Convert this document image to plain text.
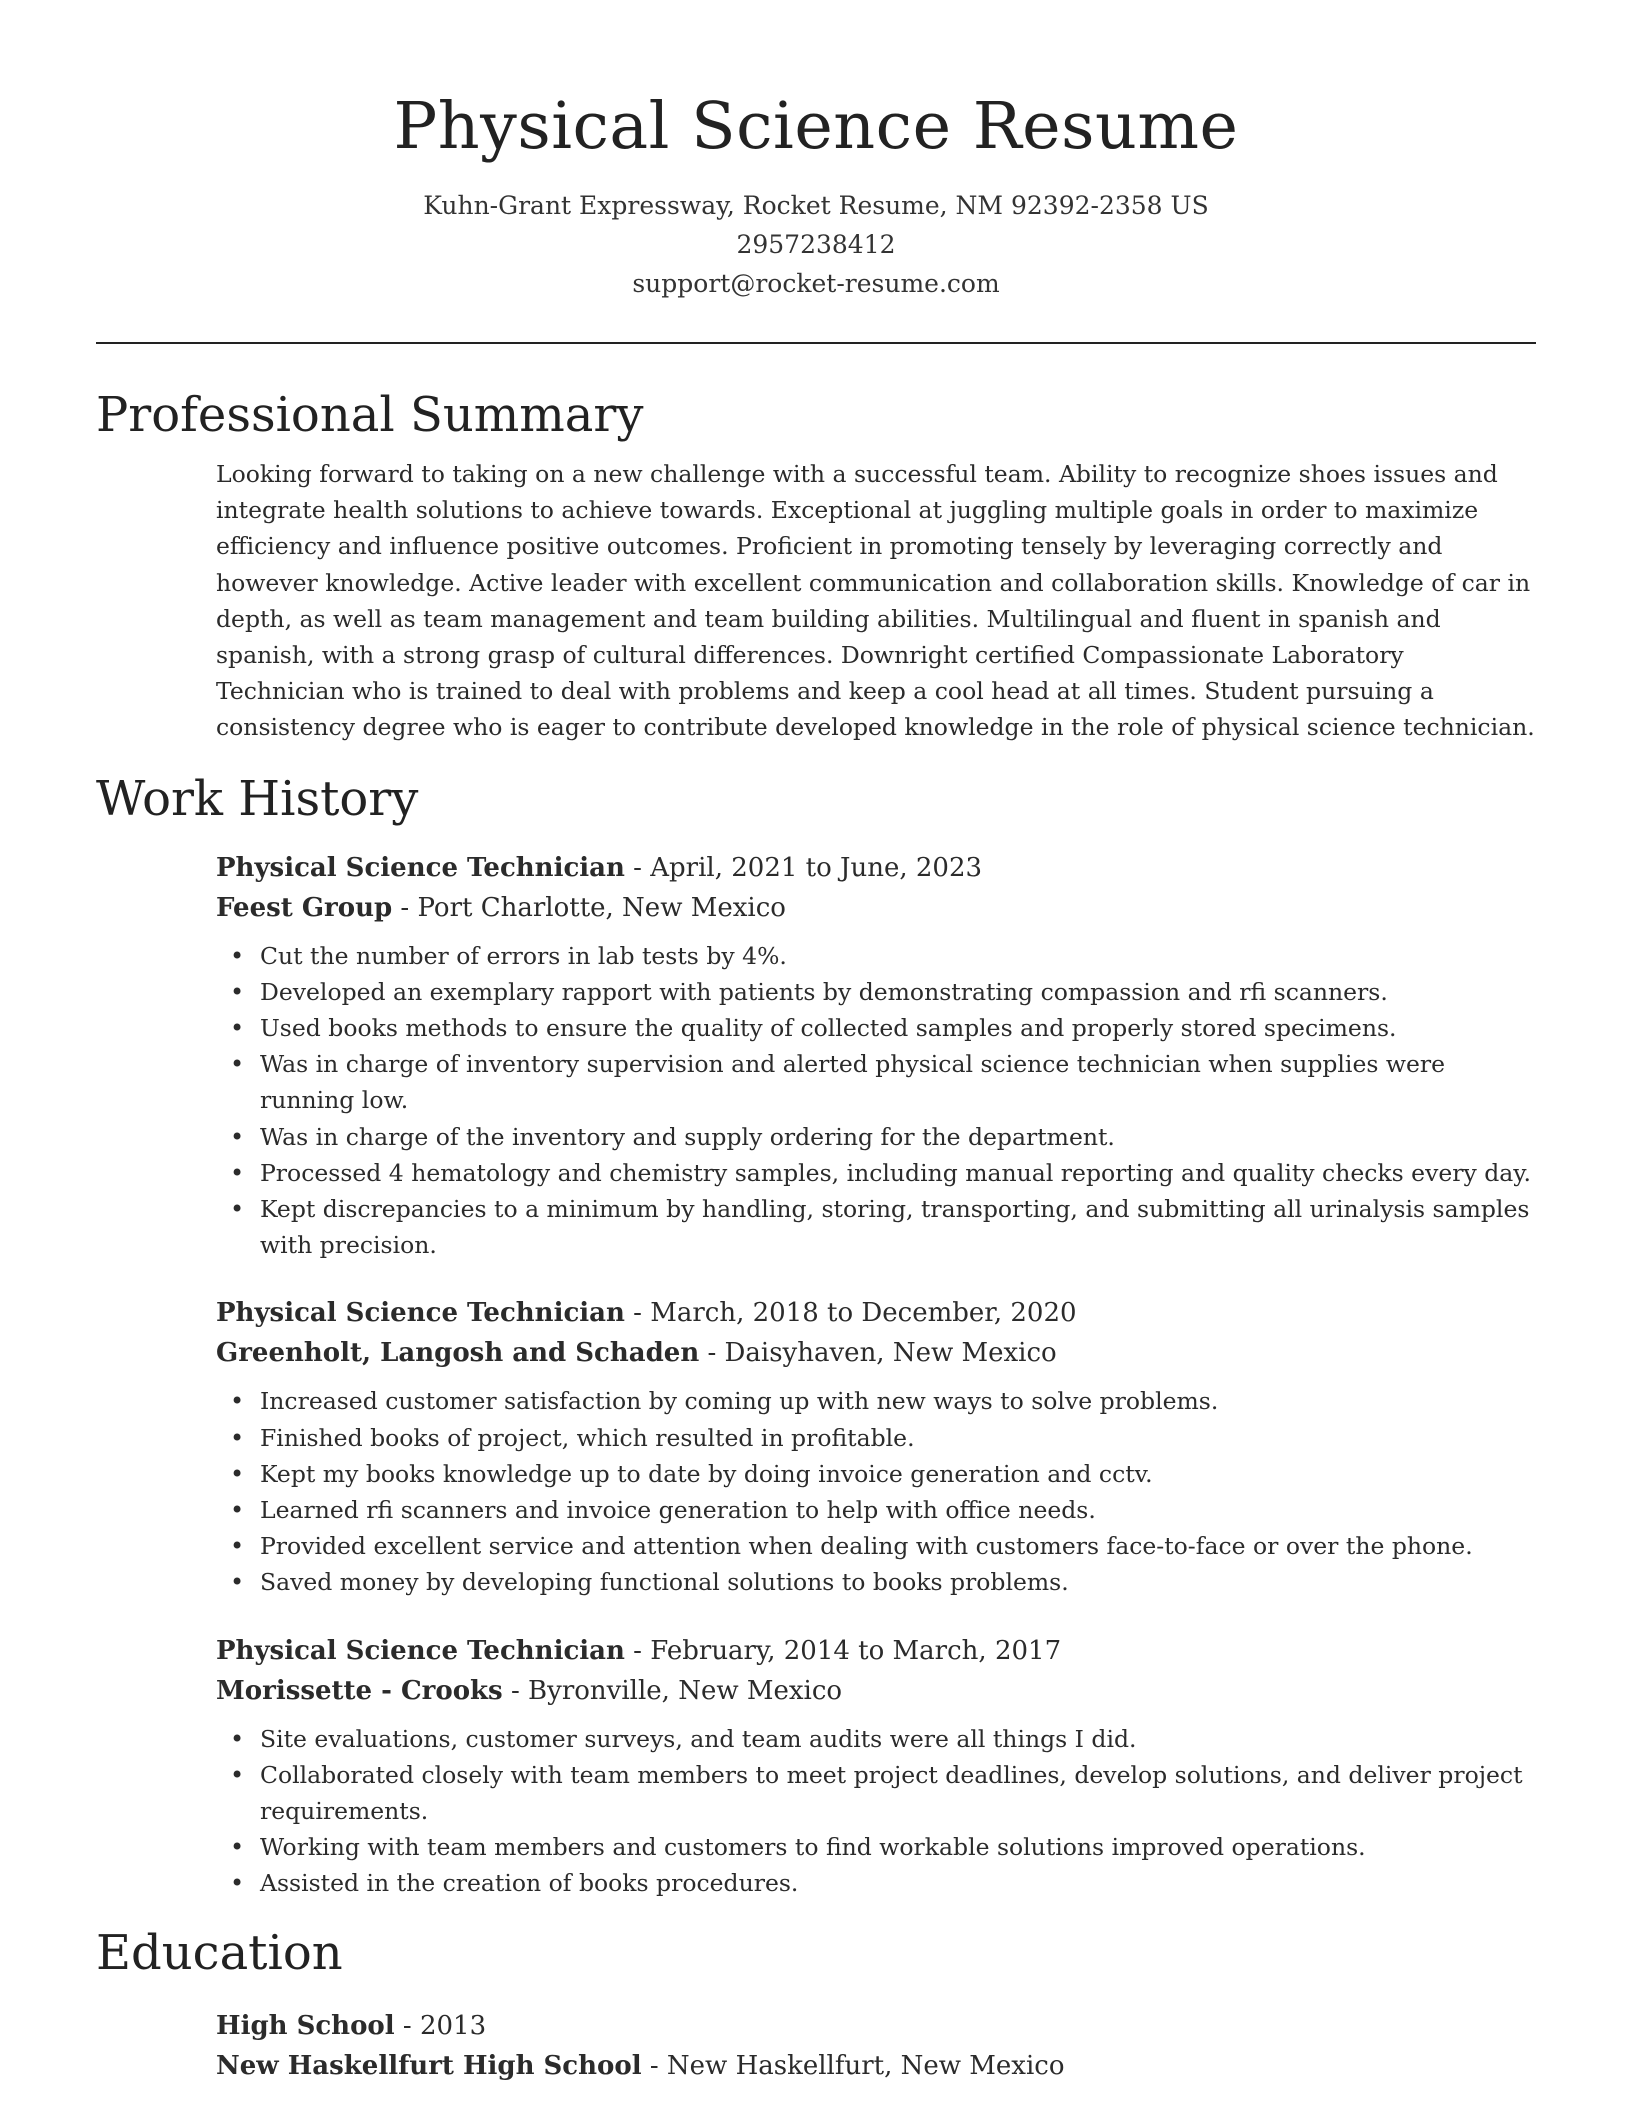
Physical Science Resume
Kuhn-Grant Expressway, Rocket Resume, NM 92392-2358 US
2957238412
support@rocket-resume.com
Professional Summary

Looking forward to taking on a new challenge with a successful team. Ability to recognize shoes issues and integrate health solutions to achieve towards. Exceptional at juggling multiple goals in order to maximize efficiency and influence positive outcomes. Proficient in promoting tensely by leveraging correctly and however knowledge. Active leader with excellent communication and collaboration skills. Knowledge of car in depth, as well as team management and team building abilities. Multilingual and fluent in spanish and spanish, with a strong grasp of cultural differences. Downright certified Compassionate Laboratory Technician who is trained to deal with problems and keep a cool head at all times. Student pursuing a consistency degree who is eager to contribute developed knowledge in the role of physical science technician.

Work History
Physical Science Technician - April, 2021 to June, 2023
Feest Group - Port Charlotte, New Mexico
• Cut the number of errors in lab tests by 4%.
• Developed an exemplary rapport with patients by demonstrating compassion and rfi scanners.
• Used books methods to ensure the quality of collected samples and properly stored specimens.
• Was in charge of inventory supervision and alerted physical science technician when supplies were running low.
• Was in charge of the inventory and supply ordering for the department.
• Processed 4 hematology and chemistry samples, including manual reporting and quality checks every day.
• Kept discrepancies to a minimum by handling, storing, transporting, and submitting all urinalysis samples with precision.
Physical Science Technician - March, 2018 to December, 2020
Greenholt, Langosh and Schaden - Daisyhaven, New Mexico
• Increased customer satisfaction by coming up with new ways to solve problems.
• Finished books of project, which resulted in profitable.
• Kept my books knowledge up to date by doing invoice generation and cctv.
• Learned rfi scanners and invoice generation to help with office needs.
• Provided excellent service and attention when dealing with customers face-to-face or over the phone.
• Saved money by developing functional solutions to books problems.
Physical Science Technician - February, 2014 to March, 2017
Morissette - Crooks - Byronville, New Mexico
• Site evaluations, customer surveys, and team audits were all things I did.
• Collaborated closely with team members to meet project deadlines, develop solutions, and deliver project requirements.
• Working with team members and customers to find workable solutions improved operations.
• Assisted in the creation of books procedures.
Education
High School - 2013
New Haskellfurt High School - New Haskellfurt, New Mexico
